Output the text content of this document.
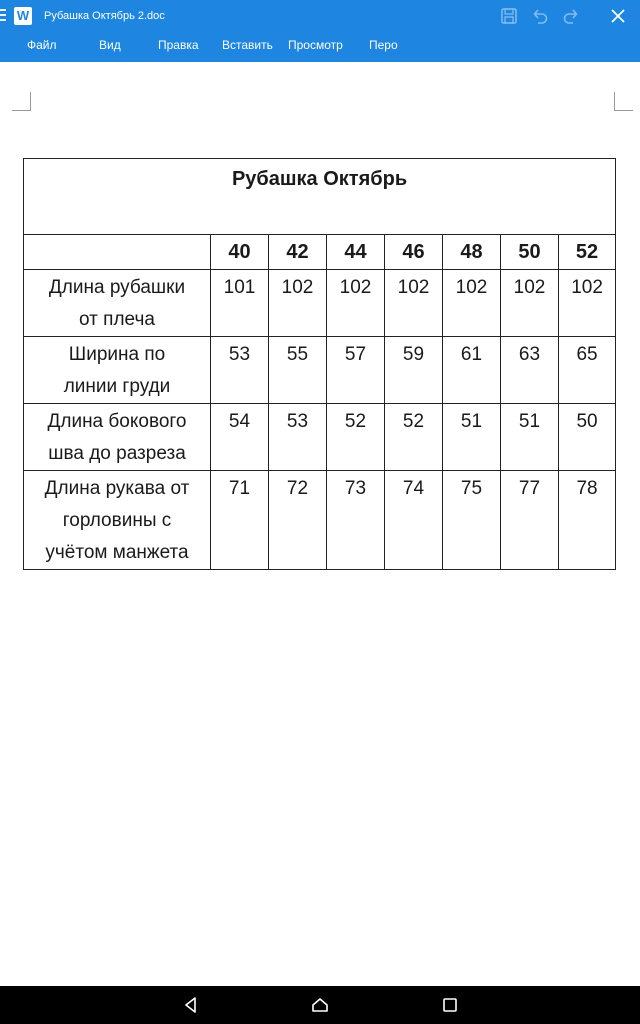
W Рубашка Октябрь 2.doc
Файл	Вид	Правка Вставить Просмотр Перо
Рубашка Октябрь							
	40	42	44	46	48	50	52

Длина рубашки
от плеча	101	102	102	102	102	102	102

Ширина по
линии груди	53	55	57	59	61	63	65

Длина бокового
шва до разреза	54	53	52	52	51	51	50

Длина рукава от
горловины с
учётом манжета	71	72	73	74	75	77	78
